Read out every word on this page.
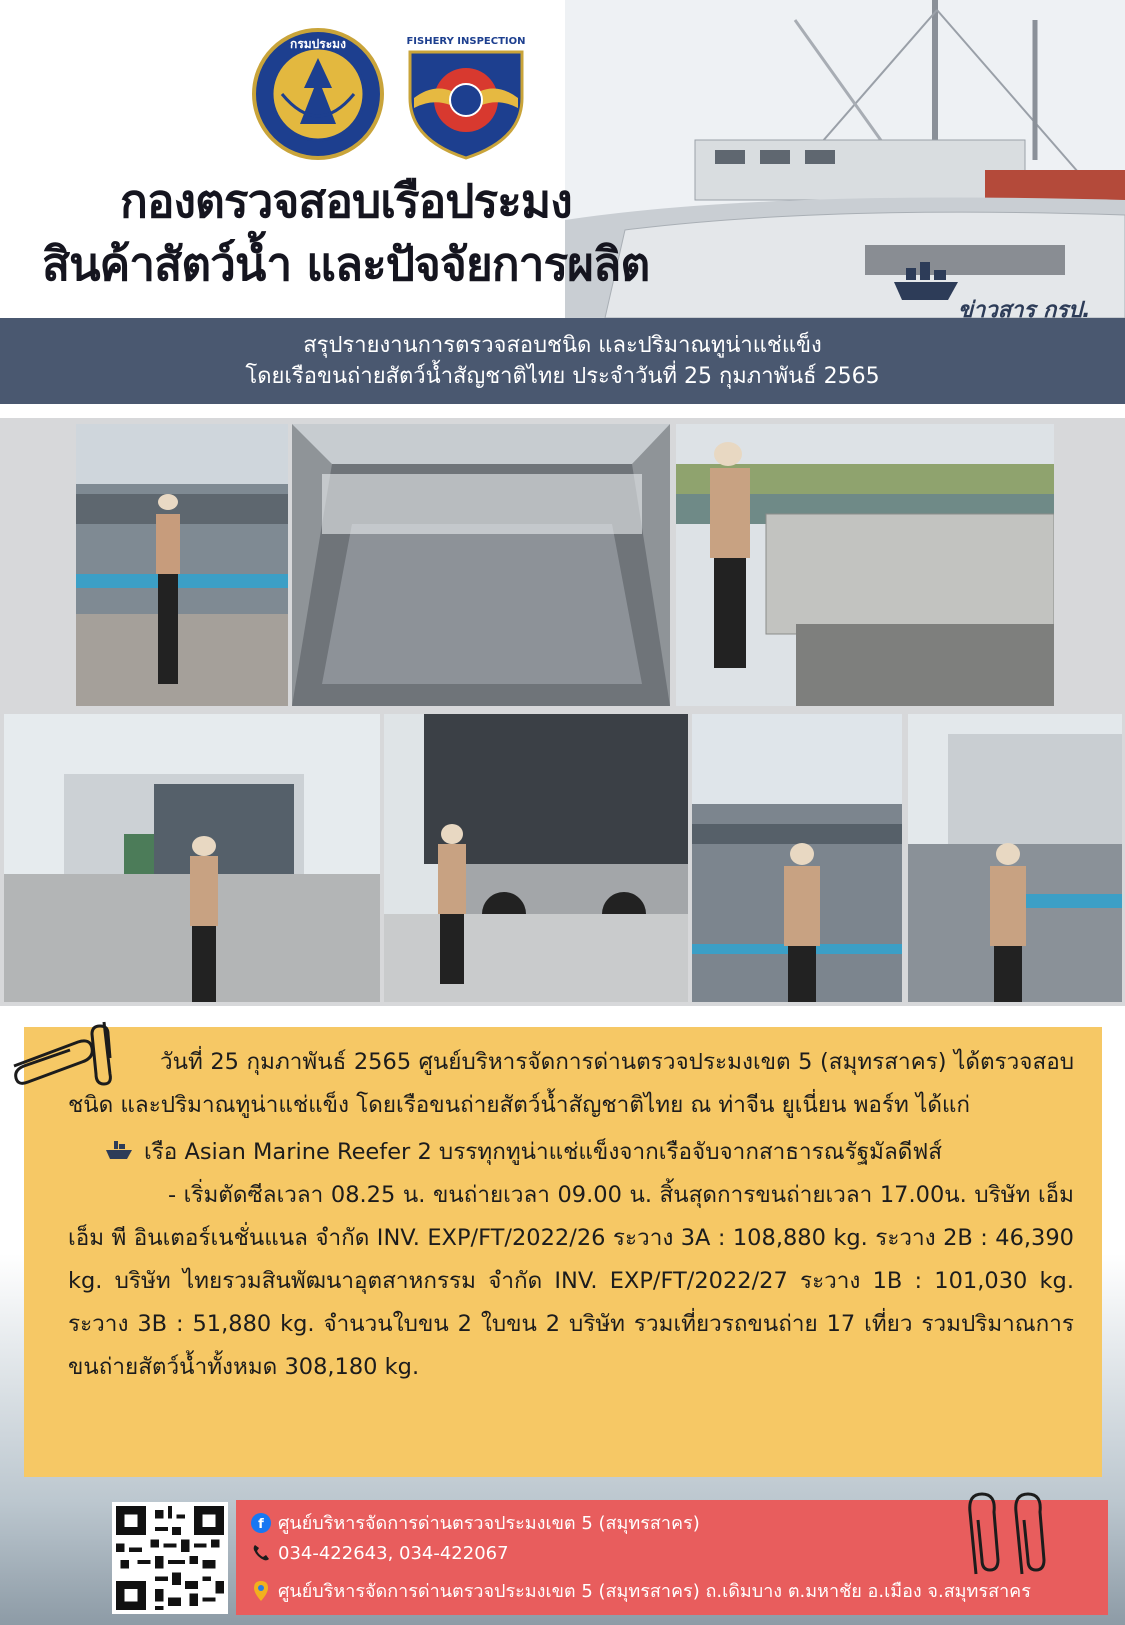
กรมประมง	FISHERY INSPECTION
กองตรวจสอบเรือประมง
สินค้าสัตว์น้ำ และปัจจัยการผลิต
ข่าวสาร กรป.
สรุปรายงานการตรวจสอบชนิด และปริมาณทูน่าแช่แข็ง
โดยเรือขนถ่ายสัตว์น้ำสัญชาติไทย ประจำวันที่ 25 กุมภาพันธ์ 2565

วันที่ 25 กุมภาพันธ์ 2565 ศูนย์บริหารจัดการด่านตรวจประมงเขต 5 (สมุทรสาคร) ได้ตรวจสอบชนิด และปริมาณทูน่าแช่แข็ง โดยเรือขนถ่ายสัตว์น้ำสัญชาติไทย ณ ท่าจีน ยูเนี่ยน พอร์ท ได้แก่

เรือ Asian Marine Reefer 2 บรรทุกทูน่าแช่แข็งจากเรือจับจากสาธารณรัฐมัลดีฟส์

- เริ่มตัดซีลเวลา 08.25 น. ขนถ่ายเวลา 09.00 น. สิ้นสุดการขนถ่ายเวลา 17.00น. บริษัท เอ็ม เอ็ม พี อินเตอร์เนชั่นแนล จำกัด INV. EXP/FT/2022/26 ระวาง 3A : 108,880 kg. ระวาง 2B : 46,390 kg. บริษัท ไทยรวมสินพัฒนาอุตสาหกรรม จำกัด INV. EXP/FT/2022/27 ระวาง 1B : 101,030 kg. ระวาง 3B : 51,880 kg. จำนวนใบขน 2 ใบขน 2 บริษัท รวมเที่ยวรถขนถ่าย 17 เที่ยว รวมปริมาณการขนถ่ายสัตว์น้ำทั้งหมด 308,180 kg.

f ศูนย์บริหารจัดการด่านตรวจประมงเขต 5 (สมุทรสาคร)
034-422643, 034-422067
ศูนย์บริหารจัดการด่านตรวจประมงเขต 5 (สมุทรสาคร) ถ.เดิมบาง ต.มหาชัย อ.เมือง จ.สมุทรสาคร
